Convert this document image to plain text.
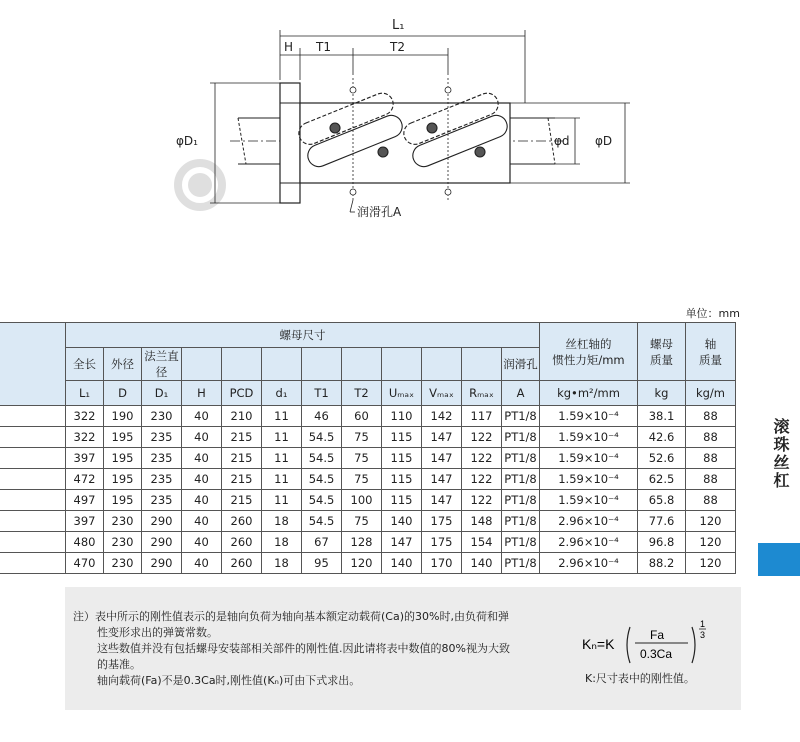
L₁
H T1	T2
φD₁	φd φD
润滑孔A
单位：mm
	螺母尺寸												丝杠轴的
惯性力矩/mm	螺母
质量	轴
质量
	全长	外径	法兰直径									润滑孔			
	L₁	D	D₁	H	PCD	d₁	T1	T2	Uₘₐₓ	Vₘₐₓ	Rₘₐₓ	A	kg•m²/mm	kg	kg/m
	322	190	230	40	210	11	46	60	110	142	117	PT1/8	1.59×10⁻⁴	38.1	88
	322	195	235	40	215	11	54.5	75	115	147	122	PT1/8	1.59×10⁻⁴	42.6	88
	397	195	235	40	215	11	54.5	75	115	147	122	PT1/8	1.59×10⁻⁴	52.6	88
	472	195	235	40	215	11	54.5	75	115	147	122	PT1/8	1.59×10⁻⁴	62.5	88
	497	195	235	40	215	11	54.5	100	115	147	122	PT1/8	1.59×10⁻⁴	65.8	88
	397	230	290	40	260	18	54.5	75	140	175	148	PT1/8	2.96×10⁻⁴	77.6	120
	480	230	290	40	260	18	67	128	147	175	154	PT1/8	2.96×10⁻⁴	96.8	120
	470	230	290	40	260	18	95	120	140	170	140	PT1/8	2.96×10⁻⁴	88.2	120
滚珠丝杠

注）表中所示的刚性值表示的是轴向负荷为轴向基本额定动载荷(Ca)的30%时,由负荷和弹

性变形求出的弹簧常数。

这些数值并没有包括螺母安装部相关部件的刚性值.因此请将表中数值的80%视为大致

的基准。

轴向载荷(Fa)不是0.3Ca时,刚性值(Kₙ)可由下式求出。

Kₙ=K
Fa
0.3Ca
1
3
K:尺寸表中的刚性值。
